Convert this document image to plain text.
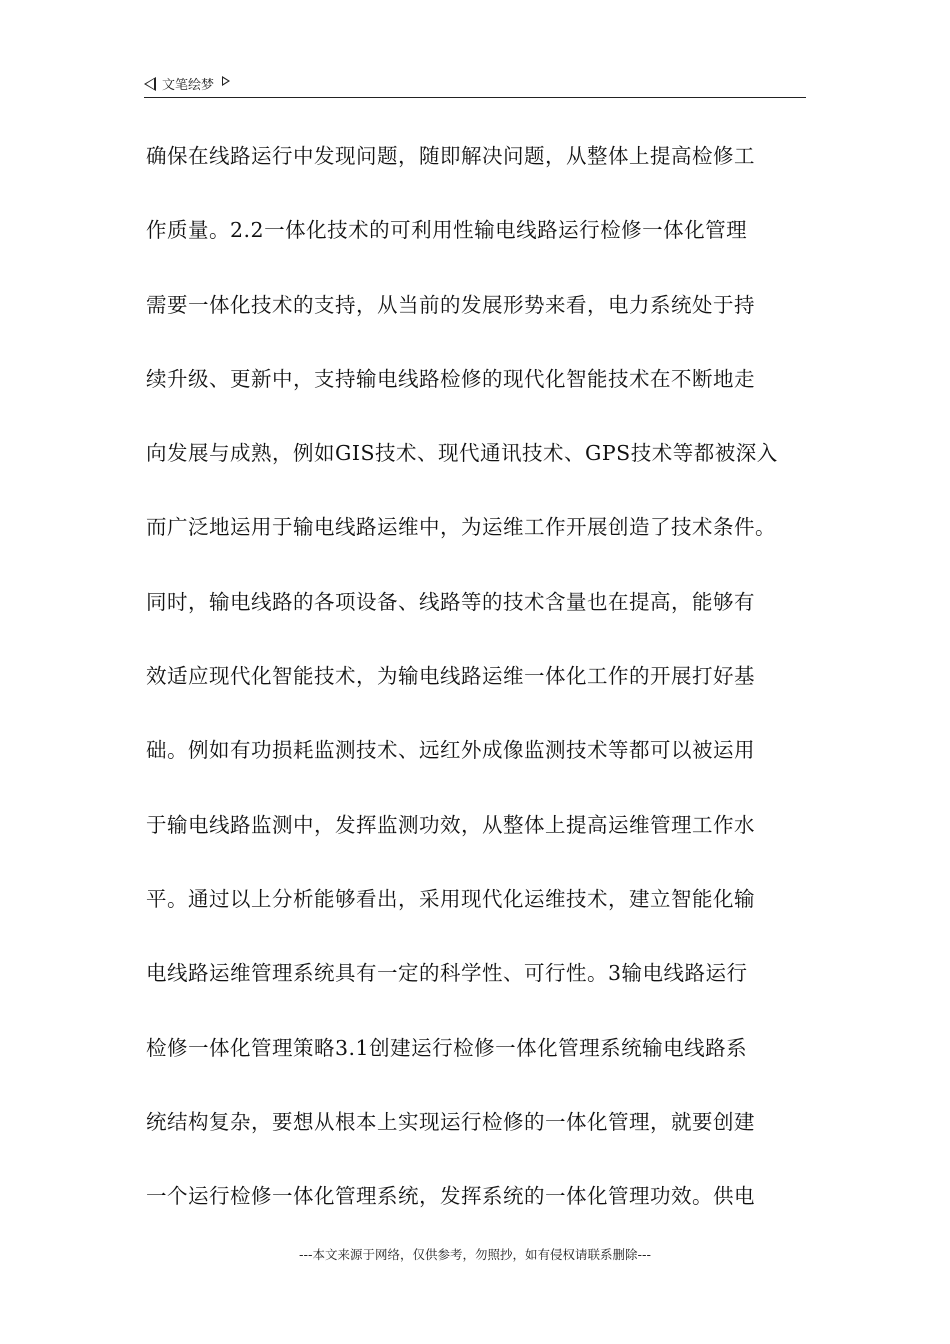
文笔绘梦
确保在线路运行中发现问题，随即解决问题，从整体上提高检修工
作质量。2.2一体化技术的可利用性输电线路运行检修一体化管理
需要一体化技术的支持，从当前的发展形势来看，电力系统处于持
续升级、更新中，支持输电线路检修的现代化智能技术在不断地走
向发展与成熟，例如GIS技术、现代通讯技术、GPS技术等都被深入
而广泛地运用于输电线路运维中，为运维工作开展创造了技术条件。
同时，输电线路的各项设备、线路等的技术含量也在提高，能够有
效适应现代化智能技术，为输电线路运维一体化工作的开展打好基
础。例如有功损耗监测技术、远红外成像监测技术等都可以被运用
于输电线路监测中，发挥监测功效，从整体上提高运维管理工作水
平。通过以上分析能够看出，采用现代化运维技术，建立智能化输
电线路运维管理系统具有一定的科学性、可行性。3输电线路运行
检修一体化管理策略3.1创建运行检修一体化管理系统输电线路系
统结构复杂，要想从根本上实现运行检修的一体化管理，就要创建
一个运行检修一体化管理系统，发挥系统的一体化管理功效。供电
---本文来源于网络，仅供参考，勿照抄，如有侵权请联系删除---
